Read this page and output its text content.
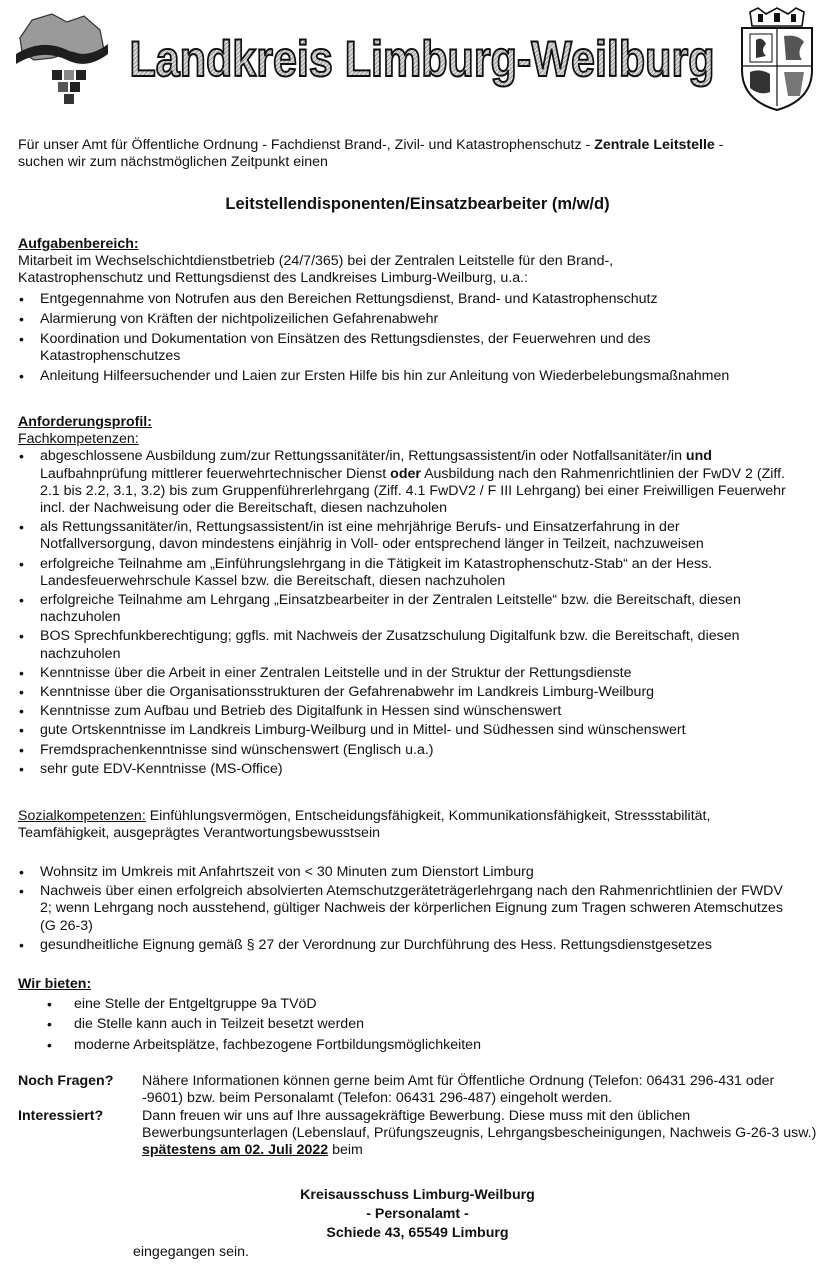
Landkreis Limburg-Weilburg
Für unser Amt für Öffentliche Ordnung - Fachdienst Brand-, Zivil- und Katastrophenschutz - Zentrale Leitstelle -
suchen wir zum nächstmöglichen Zeitpunkt einen
Leitstellendisponenten/Einsatzbearbeiter (m/w/d)
Aufgabenbereich:
Mitarbeit im Wechselschichtdienstbetrieb (24/7/365) bei der Zentralen Leitstelle für den Brand-,
Katastrophenschutz und Rettungsdienst des Landkreises Limburg-Weilburg, u.a.:
• Entgegennahme von Notrufen aus den Bereichen Rettungsdienst, Brand- und Katastrophenschutz
• Alarmierung von Kräften der nichtpolizeilichen Gefahrenabwehr
• Koordination und Dokumentation von Einsätzen des Rettungsdienstes, der Feuerwehren und des Katastrophenschutzes
• Anleitung Hilfeersuchender und Laien zur Ersten Hilfe bis hin zur Anleitung von Wiederbelebungsmaßnahmen
Anforderungsprofil:
Fachkompetenzen:
• abgeschlossene Ausbildung zum/zur Rettungssanitäter/in, Rettungsassistent/in oder Notfallsanitäter/in und Laufbahnprüfung mittlerer feuerwehrtechnischer Dienst oder Ausbildung nach den Rahmenrichtlinien der FwDV 2 (Ziff. 2.1 bis 2.2, 3.1, 3.2) bis zum Gruppenführerlehrgang (Ziff. 4.1 FwDV2 / F III Lehrgang) bei einer Freiwilligen Feuerwehr incl. der Nachweisung oder die Bereitschaft, diesen nachzuholen
• als Rettungssanitäter/in, Rettungsassistent/in ist eine mehrjährige Berufs- und Einsatzerfahrung in der Notfallversorgung, davon mindestens einjährig in Voll- oder entsprechend länger in Teilzeit, nachzuweisen
• erfolgreiche Teilnahme am „Einführungslehrgang in die Tätigkeit im Katastrophenschutz-Stab“ an der Hess. Landesfeuerwehrschule Kassel bzw. die Bereitschaft, diesen nachzuholen
• erfolgreiche Teilnahme am Lehrgang „Einsatzbearbeiter in der Zentralen Leitstelle“ bzw. die Bereitschaft, diesen nachzuholen
• BOS Sprechfunkberechtigung; ggfls. mit Nachweis der Zusatzschulung Digitalfunk bzw. die Bereitschaft, diesen nachzuholen
• Kenntnisse über die Arbeit in einer Zentralen Leitstelle und in der Struktur der Rettungsdienste
• Kenntnisse über die Organisationsstrukturen der Gefahrenabwehr im Landkreis Limburg-Weilburg
• Kenntnisse zum Aufbau und Betrieb des Digitalfunk in Hessen sind wünschenswert
• gute Ortskenntnisse im Landkreis Limburg-Weilburg und in Mittel- und Südhessen sind wünschenswert
• Fremdsprachenkenntnisse sind wünschenswert (Englisch u.a.)
• sehr gute EDV-Kenntnisse (MS-Office)
Sozialkompetenzen: Einfühlungsvermögen, Entscheidungsfähigkeit, Kommunikationsfähigkeit, Stressstabilität, Teamfähigkeit, ausgeprägtes Verantwortungsbewusstsein
• Wohnsitz im Umkreis mit Anfahrtszeit von < 30 Minuten zum Dienstort Limburg
• Nachweis über einen erfolgreich absolvierten Atemschutzgeräteträgerlehrgang nach den Rahmenrichtlinien der FWDV 2; wenn Lehrgang noch ausstehend, gültiger Nachweis der körperlichen Eignung zum Tragen schweren Atemschutzes (G 26-3)
• gesundheitliche Eignung gemäß § 27 der Verordnung zur Durchführung des Hess. Rettungsdienstgesetzes
Wir bieten:
• eine Stelle der Entgeltgruppe 9a TVöD
• die Stelle kann auch in Teilzeit besetzt werden
• moderne Arbeitsplätze, fachbezogene Fortbildungsmöglichkeiten
Noch Fragen? Nähere Informationen können gerne beim Amt für Öffentliche Ordnung (Telefon: 06431 296-431 oder -9601) bzw. beim Personalamt (Telefon: 06431 296-487) eingeholt werden.
Interessiert?	Dann freuen wir uns auf Ihre aussagekräftige Bewerbung. Diese muss mit den üblichen Bewerbungsunterlagen (Lebenslauf, Prüfungszeugnis, Lehrgangsbescheinigungen, Nachweis G-26-3 usw.) spätestens am 02. Juli 2022 beim
Kreisausschuss Limburg-Weilburg
- Personalamt -
Schiede 43, 65549 Limburg
eingegangen sein.
